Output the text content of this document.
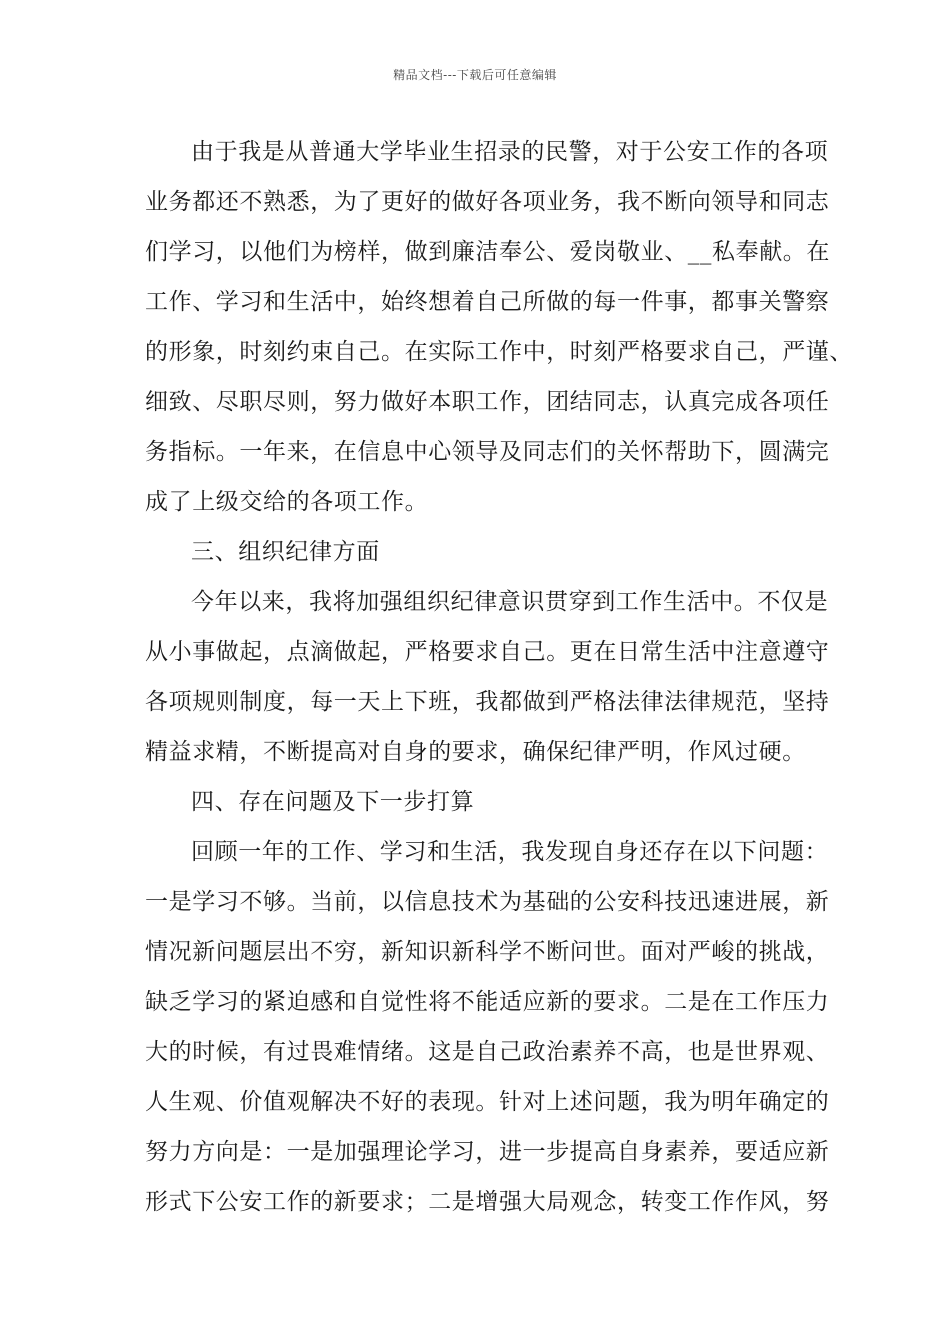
精品文档---下载后可任意编辑
由于我是从普通大学毕业生招录的民警，对于公安工作的各项
业务都还不熟悉，为了更好的做好各项业务，我不断向领导和同志
们学习，以他们为榜样，做到廉洁奉公、爱岗敬业、__私奉献。在
工作、学习和生活中，始终想着自己所做的每一件事，都事关警察
的形象，时刻约束自己。在实际工作中，时刻严格要求自己，严谨、
细致、尽职尽则，努力做好本职工作，团结同志，认真完成各项任
务指标。一年来，在信息中心领导及同志们的关怀帮助下，圆满完
成了上级交给的各项工作。
三、组织纪律方面
今年以来，我将加强组织纪律意识贯穿到工作生活中。不仅是
从小事做起，点滴做起，严格要求自己。更在日常生活中注意遵守
各项规则制度，每一天上下班，我都做到严格法律法律规范，坚持
精益求精，不断提高对自身的要求，确保纪律严明，作风过硬。
四、存在问题及下一步打算
回顾一年的工作、学习和生活，我发现自身还存在以下问题：
一是学习不够。当前，以信息技术为基础的公安科技迅速进展，新
情况新问题层出不穷，新知识新科学不断问世。面对严峻的挑战，
缺乏学习的紧迫感和自觉性将不能适应新的要求。二是在工作压力
大的时候，有过畏难情绪。这是自己政治素养不高，也是世界观、
人生观、价值观解决不好的表现。针对上述问题，我为明年确定的
努力方向是：一是加强理论学习，进一步提高自身素养，要适应新
形式下公安工作的新要求；二是增强大局观念，转变工作作风，努
